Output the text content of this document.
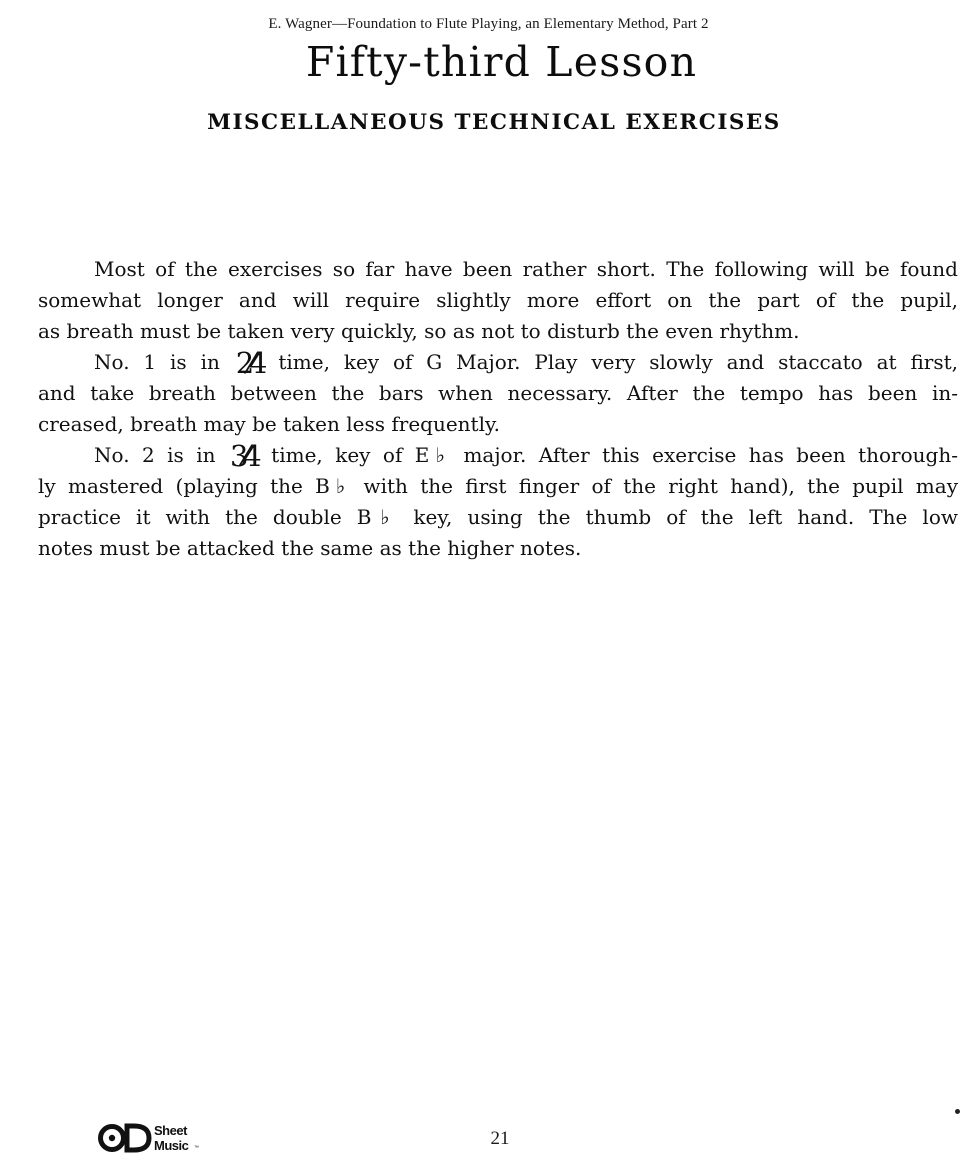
E. Wagner—Foundation to Flute Playing, an Elementary Method, Part 2
Fifty-third Lesson
MISCELLANEOUS TECHNICAL EXERCISES
Most of the exercises so far have been rather short. The following will be found
somewhat longer and will require slightly more effort on the part of the pupil,
as breath must be taken very quickly, so as not to disturb the even rhythm.
No. 1 is in 2⁄4 time, key of G Major. Play very slowly and staccato at first,
and take breath between the bars when necessary. After the tempo has been in-
creased, breath may be taken less frequently.
No. 2 is in 3⁄4 time, key of E♭ major. After this exercise has been thorough-
ly mastered (playing the B♭ with the first finger of the right hand), the pupil may
practice it with the double B♭ key, using the thumb of the left hand. The low
notes must be attacked the same as the higher notes.
Sheet
Music ™	21
